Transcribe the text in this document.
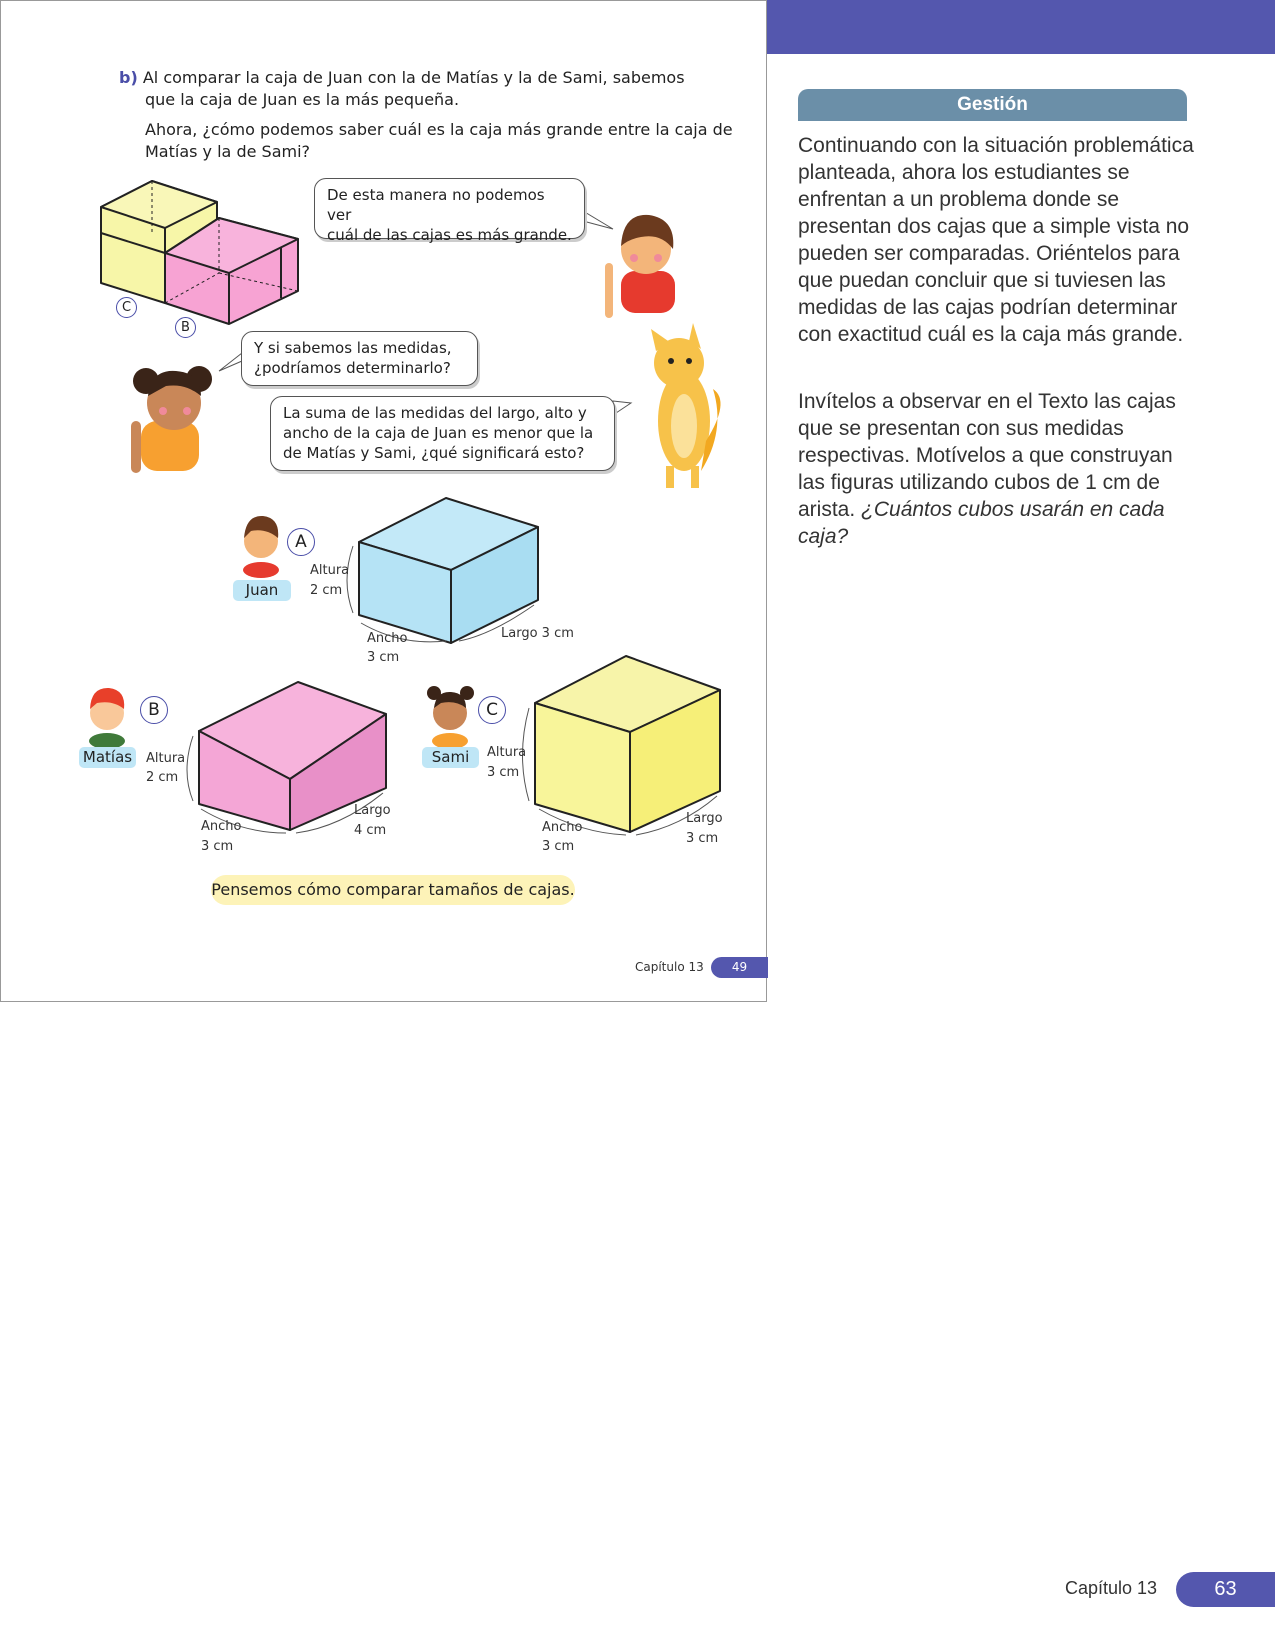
b) Al comparar la caja de Juan con la de Matías y la de Sami, sabemos
que la caja de Juan es la más pequeña.
Ahora, ¿cómo podemos saber cuál es la caja más grande entre la caja de
Matías y la de Sami?
C
B
De esta manera no podemos ver
cuál de las cajas es más grande.
Y si sabemos las medidas,
¿podríamos determinarlo?
La suma de las medidas del largo, alto y
ancho de la caja de Juan es menor que la
de Matías y Sami, ¿qué significará esto?
A
Juan
Altura
2 cm
Ancho
3 cm
Largo 3 cm
B
Matías	Altura
2 cm
Ancho
3 cm
Largo
4 cm
C
Sami	Altura
3 cm
Ancho
3 cm
Largo
3 cm
Pensemos cómo comparar tamaños de cajas.
Capítulo 13	49
Gestión

Continuando con la situación problemática planteada, ahora los estudiantes se enfrentan a un problema donde se presentan dos cajas que a simple vista no pueden ser comparadas. Oriéntelos para que puedan concluir que si tuviesen las medidas de las cajas podrían determinar con exactitud cuál es la caja más grande.

Invítelos a observar en el Texto las cajas que se presentan con sus medidas respectivas. Motívelos a que construyan las figuras utilizando cubos de 1 cm de arista. ¿Cuántos cubos usarán en cada caja?

Capítulo 13	63
